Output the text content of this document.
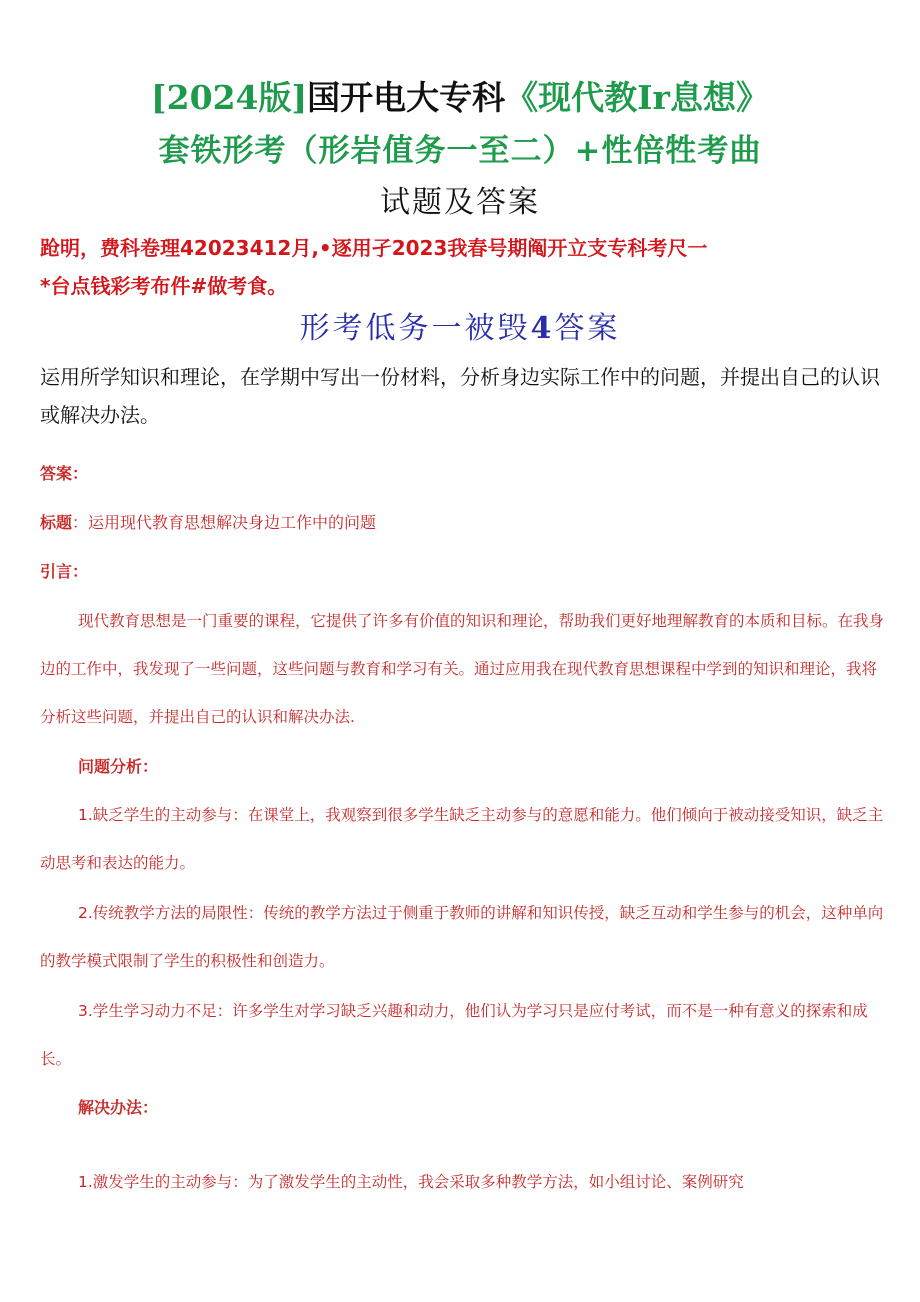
[2024版]国开电大专科《现代教Ir息想》
套铁形考（形岩值务一至二）+性倍牲考曲
试题及答案
跄明，费科卷理42023412月,•逐用孑2023我春号期阄开立支专科考尺一
*台点钱彩考布件#做考食。
形考低务一被毁4答案
运用所学知识和理论，在学期中写出一份材料，分析身边实际工作中的问题，并提出自己的认识或解决办法。
答案：
标题：运用现代教育思想解决身边工作中的问题
引言：
现代教育思想是一门重要的课程，它提供了许多有价值的知识和理论，帮助我们更好地理解教育的本质和目标。在我身边的工作中，我发现了一些问题，这些问题与教育和学习有关。通过应用我在现代教育思想课程中学到的知识和理论，我将分析这些问题，并提出自己的认识和解决办法.
问题分析：
1.缺乏学生的主动参与：在课堂上，我观察到很多学生缺乏主动参与的意愿和能力。他们倾向于被动接受知识，缺乏主动思考和表达的能力。
2.传统教学方法的局限性：传统的教学方法过于侧重于教师的讲解和知识传授，缺乏互动和学生参与的机会，这种单向的教学模式限制了学生的积极性和创造力。
3.学生学习动力不足：许多学生对学习缺乏兴趣和动力，他们认为学习只是应付考试，而不是一种有意义的探索和成长。
解决办法：
1.激发学生的主动参与：为了激发学生的主动性，我会采取多种教学方法，如小组讨论、案例研究
